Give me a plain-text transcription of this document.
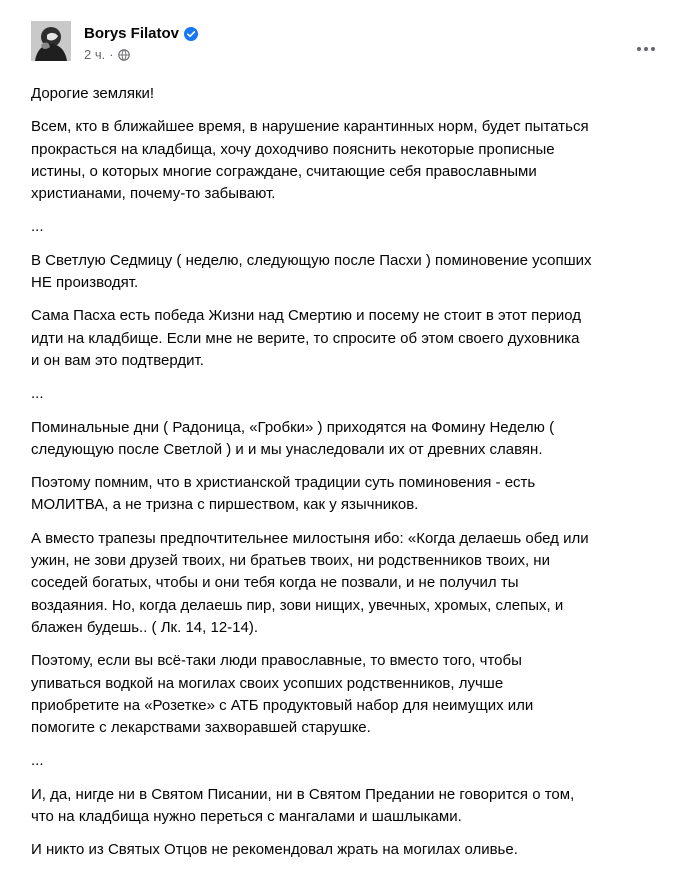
Borys Filatov
2 ч. ·

Дорогие земляки!

Всем, кто в ближайшее время, в нарушение карантинных норм, будет пытаться
прокрасться на кладбища, хочу доходчиво пояснить некоторые прописные
истины, о которых многие сограждане, считающие себя православными
христианами, почему-то забывают.

...

В Светлую Седмицу ( неделю, следующую после Пасхи ) поминовение усопших
НЕ производят.

Сама Пасха есть победа Жизни над Смертию и посему не стоит в этот период
идти на кладбище. Если мне не верите, то спросите об этом своего духовника
и он вам это подтвердит.

...

Поминальные дни ( Радоница, «Гробки» ) приходятся на Фомину Неделю (
следующую после Светлой ) и и мы унаследовали их от древних славян.

Поэтому помним, что в христианской традиции суть поминовения - есть
МОЛИТВА, а не тризна с пиршеством, как у язычников.

А вместо трапезы предпочтительнее милостыня ибо: «Когда делаешь обед или
ужин, не зови друзей твоих, ни братьев твоих, ни родственников твоих, ни
соседей богатых, чтобы и они тебя когда не позвали, и не получил ты
воздаяния. Но, когда делаешь пир, зови нищих, увечных, хромых, слепых, и
блажен будешь.. ( Лк. 14, 12-14).

Поэтому, если вы всё-таки люди православные, то вместо того, чтобы
упиваться водкой на могилах своих усопших родственников, лучше
приобретите на «Розетке» с АТБ продуктовый набор для неимущих или
помогите с лекарствами захворавшей старушке.

...

И, да, нигде ни в Святом Писании, ни в Святом Предании не говорится о том,
что на кладбища нужно переться с мангалами и шашлыками.

И никто из Святых Отцов не рекомендовал жрать на могилах оливье.
